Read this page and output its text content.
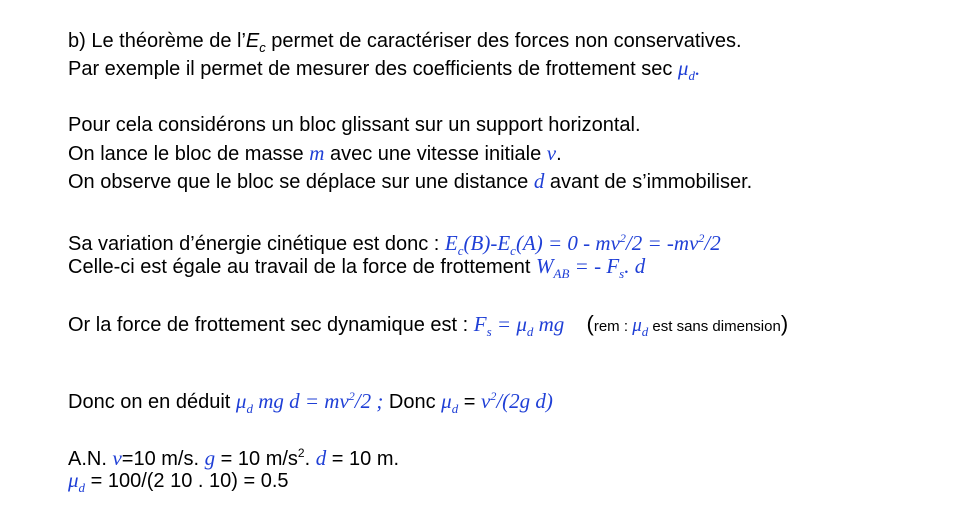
b) Le théorème de $l’E_c$ permet de caractériser des forces non conservatives.
Par exemple il permet de mesurer des coefficients de frottement $\sec \mu_d$.
Pour cela considérons un bloc glissant sur un support horizontal.
On lance le bloc de masse m avec une vitesse initiale v.
On observe que le bloc se déplace sur une distance d avant de s’immobiliser.
Sa variation d’énergie cinétique est donc : $E_c(B)-E_c(A) = 0 - mv^2/2 = -mv^2/2$
Celle-ci est égale au travail de la force de frottement $W_{AB}$ = - $F_s$. d
Or la force de frottement sec dynamique est : $F_s = \mu_d$ mg (rem : $\mu_d$ est sans dimension)
Donc on en déduit $\mu_d$ mg $d = mv^2/2$ ; Donc $\mu_d = v^2/(2g$ d)
A.N. v=10 m/s. g = 10 $m/s^2$. d = 10 m.
$\mu_d = 100/(2$ 10 . 10) = 0.5
